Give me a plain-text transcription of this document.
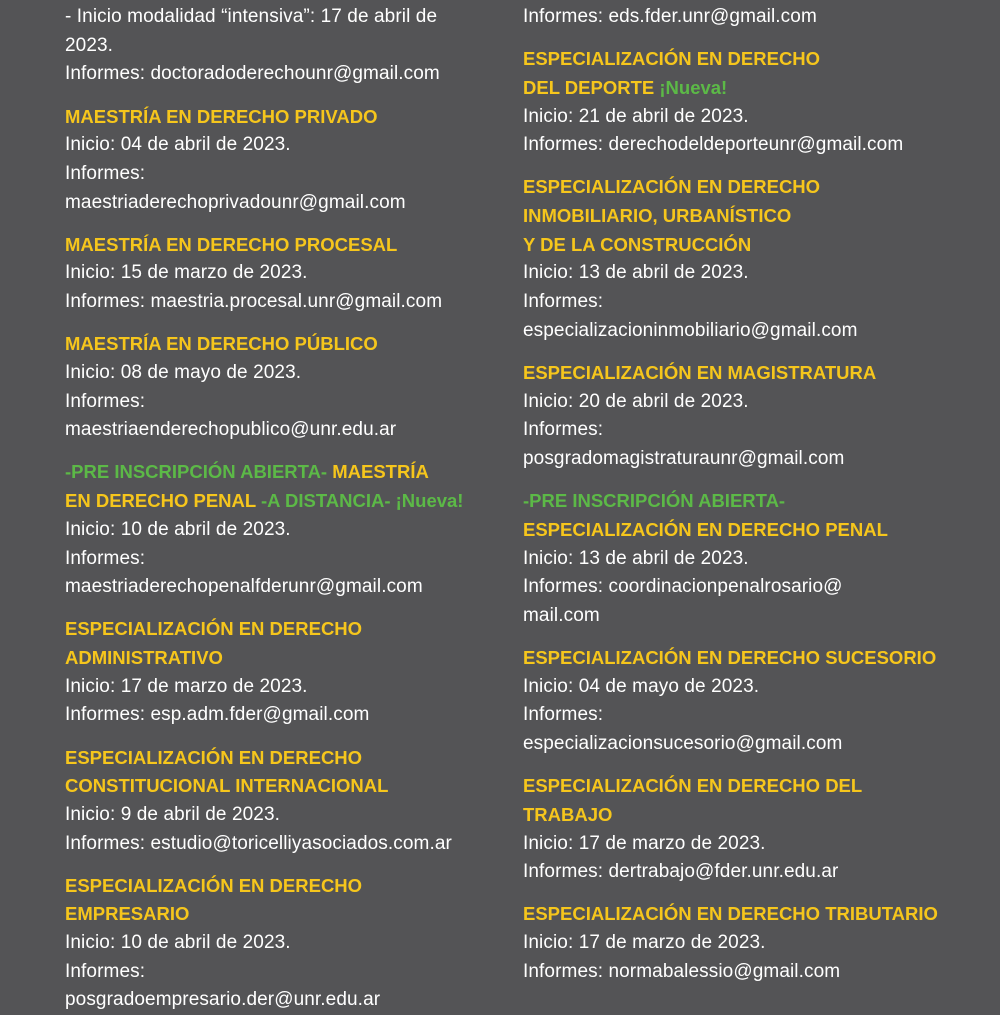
- Inicio modalidad “intensiva”: 17 de abril de
2023.
Informes: doctoradoderechounr@gmail.com
MAESTRÍA EN DERECHO PRIVADO
Inicio: 04 de abril de 2023.
Informes:
maestriaderechoprivadounr@gmail.com
MAESTRÍA EN DERECHO PROCESAL
Inicio: 15 de marzo de 2023.
Informes: maestria.procesal.unr@gmail.com
MAESTRÍA EN DERECHO PÚBLICO
Inicio: 08 de mayo de 2023.
Informes:
maestriaenderechopublico@unr.edu.ar
-PRE INSCRIPCIÓN ABIERTA- MAESTRÍA
EN DERECHO PENAL -A DISTANCIA- ¡Nueva!
Inicio: 10 de abril de 2023.
Informes:
maestriaderechopenalfderunr@gmail.com
ESPECIALIZACIÓN EN DERECHO
ADMINISTRATIVO
Inicio: 17 de marzo de 2023.
Informes: esp.adm.fder@gmail.com
ESPECIALIZACIÓN EN DERECHO
CONSTITUCIONAL INTERNACIONAL
Inicio: 9 de abril de 2023.
Informes: estudio@toricelliyasociados.com.ar
ESPECIALIZACIÓN EN DERECHO
EMPRESARIO
Inicio: 10 de abril de 2023.
Informes:
posgradoempresario.der@unr.edu.ar
Informes: eds.fder.unr@gmail.com
ESPECIALIZACIÓN EN DERECHO
DEL DEPORTE ¡Nueva!
Inicio: 21 de abril de 2023.
Informes: derechodeldeporteunr@gmail.com
ESPECIALIZACIÓN EN DERECHO
INMOBILIARIO, URBANÍSTICO
Y DE LA CONSTRUCCIÓN
Inicio: 13 de abril de 2023.
Informes:
especializacioninmobiliario@gmail.com
ESPECIALIZACIÓN EN MAGISTRATURA
Inicio: 20 de abril de 2023.
Informes:
posgradomagistraturaunr@gmail.com
-PRE INSCRIPCIÓN ABIERTA-
ESPECIALIZACIÓN EN DERECHO PENAL
Inicio: 13 de abril de 2023.
Informes: coordinacionpenalrosario@
mail.com
ESPECIALIZACIÓN EN DERECHO SUCESORIO
Inicio: 04 de mayo de 2023.
Informes:
especializacionsucesorio@gmail.com
ESPECIALIZACIÓN EN DERECHO DEL
TRABAJO
Inicio: 17 de marzo de 2023.
Informes: dertrabajo@fder.unr.edu.ar
ESPECIALIZACIÓN EN DERECHO TRIBUTARIO
Inicio: 17 de marzo de 2023.
Informes: normabalessio@gmail.com
